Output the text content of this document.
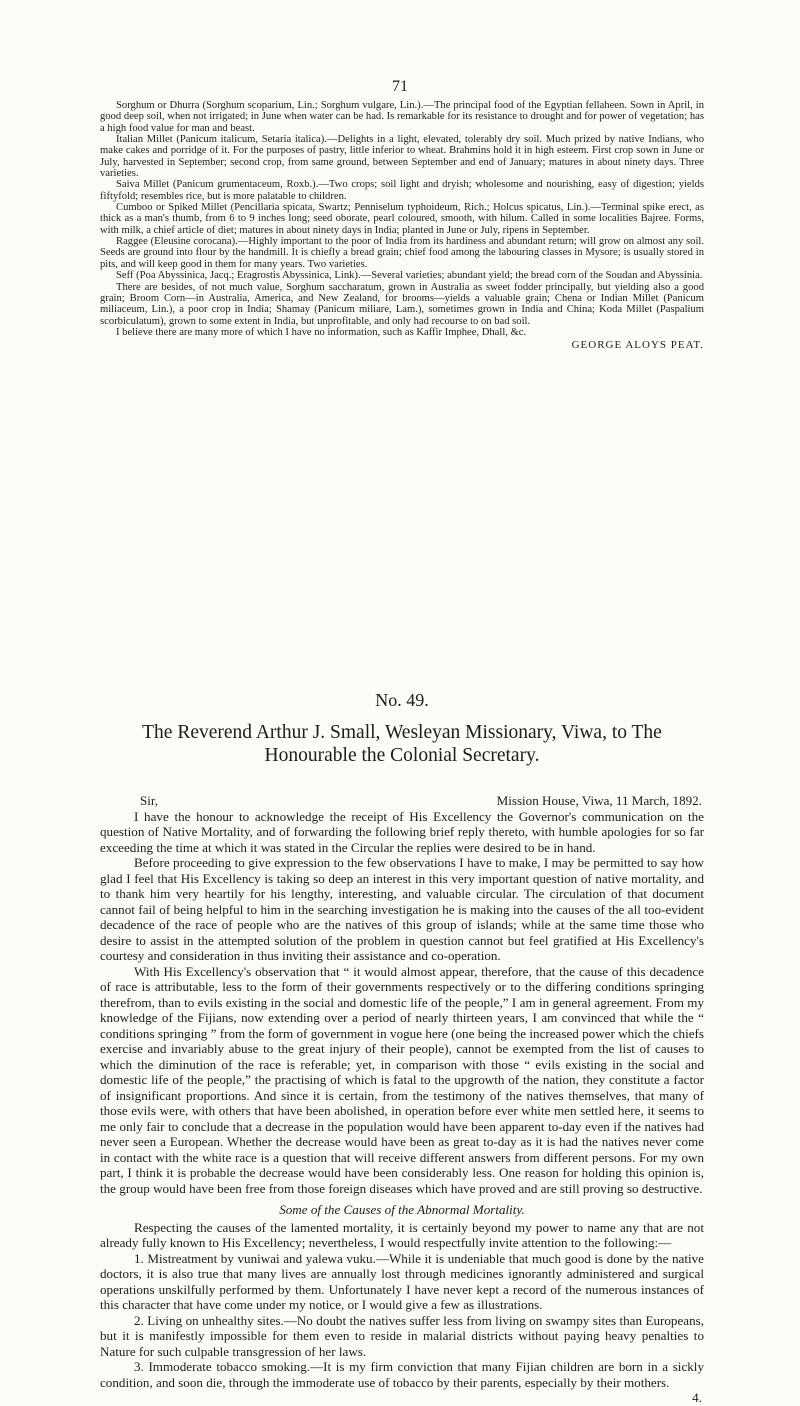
71

Sorghum or Dhurra (Sorghum scoparium, Lin.; Sorghum vulgare, Lin.).—The principal food of the Egyptian fellaheen. Sown in April, in good deep soil, when not irrigated; in June when water can be had. Is remarkable for its resistance to drought and for power of vegetation; has a high food value for man and beast.

Italian Millet (Panicum italicum, Setaria italica).—Delights in a light, elevated, tolerably dry soil. Much prized by native Indians, who make cakes and porridge of it. For the purposes of pastry, little inferior to wheat. Brahmins hold it in high esteem. First crop sown in June or July, harvested in September; second crop, from same ground, between September and end of January; matures in about ninety days. Three varieties.

Saiva Millet (Panicum grumentaceum, Roxb.).—Two crops; soil light and dryish; wholesome and nourishing, easy of digestion; yields fiftyfold; resembles rice, but is more palatable to children.

Cumboo or Spiked Millet (Pencillaria spicata, Swartz; Penniselum typhoideum, Rich.; Holcus spicatus, Lin.).—Terminal spike erect, as thick as a man's thumb, from 6 to 9 inches long; seed oborate, pearl coloured, smooth, with hilum. Called in some localities Bajree. Forms, with milk, a chief article of diet; matures in about ninety days in India; planted in June or July, ripens in September.

Raggee (Eleusine corocana).—Highly important to the poor of India from its hardiness and abundant return; will grow on almost any soil. Seeds are ground into flour by the handmill. It is chiefly a bread grain; chief food among the labouring classes in Mysore; is usually stored in pits, and will keep good in them for many years. Two varieties.

Seff (Poa Abyssinica, Jacq.; Eragrostis Abyssinica, Link).—Several varieties; abundant yield; the bread corn of the Soudan and Abyssinia.

There are besides, of not much value, Sorghum saccharatum, grown in Australia as sweet fodder principally, but yielding also a good grain; Broom Corn—in Australia, America, and New Zealand, for brooms—yields a valuable grain; Chena or Indian Millet (Panicum miliaceum, Lin.), a poor crop in India; Shamay (Panicum miliare, Lam.), sometimes grown in India and China; Koda Millet (Paspalium scorbiculatum), grown to some extent in India, but unprofitable, and only had recourse to on bad soil.

I believe there are many more of which I have no information, such as Kaffir Imphee, Dhall, &c.

GEORGE ALOYS PEAT.
No. 49.
The Reverend Arthur J. Small, Wesleyan Missionary, Viwa, to The Honourable the Colonial Secretary.
Sir,	Mission House, Viwa, 11 March, 1892.

I have the honour to acknowledge the receipt of His Excellency the Governor's communication on the question of Native Mortality, and of forwarding the following brief reply thereto, with humble apologies for so far exceeding the time at which it was stated in the Circular the replies were desired to be in hand.

Before proceeding to give expression to the few observations I have to make, I may be permitted to say how glad I feel that His Excellency is taking so deep an interest in this very important question of native mortality, and to thank him very heartily for his lengthy, interesting, and valuable circular. The circulation of that document cannot fail of being helpful to him in the searching investigation he is making into the causes of the all too-evident decadence of the race of people who are the natives of this group of islands; while at the same time those who desire to assist in the attempted solution of the problem in question cannot but feel gratified at His Excellency's courtesy and consideration in thus inviting their assistance and co-operation.

With His Excellency's observation that “ it would almost appear, therefore, that the cause of this decadence of race is attributable, less to the form of their governments respectively or to the differing conditions springing therefrom, than to evils existing in the social and domestic life of the people,” I am in general agreement. From my knowledge of the Fijians, now extending over a period of nearly thirteen years, I am convinced that while the “ conditions springing ” from the form of government in vogue here (one being the increased power which the chiefs exercise and invariably abuse to the great injury of their people), cannot be exempted from the list of causes to which the diminution of the race is referable; yet, in comparison with those “ evils existing in the social and domestic life of the people,” the practising of which is fatal to the upgrowth of the nation, they constitute a factor of insignificant proportions. And since it is certain, from the testimony of the natives themselves, that many of those evils were, with others that have been abolished, in operation before ever white men settled here, it seems to me only fair to conclude that a decrease in the population would have been apparent to-day even if the natives had never seen a European. Whether the decrease would have been as great to-day as it is had the natives never come in contact with the white race is a question that will receive different answers from different persons. For my own part, I think it is probable the decrease would have been considerably less. One reason for holding this opinion is, the group would have been free from those foreign diseases which have proved and are still proving so destructive.

Some of the Causes of the Abnormal Mortality.

Respecting the causes of the lamented mortality, it is certainly beyond my power to name any that are not already fully known to His Excellency; nevertheless, I would respectfully invite attention to the following:—

1. Mistreatment by vuniwai and yalewa vuku.—While it is undeniable that much good is done by the native doctors, it is also true that many lives are annually lost through medicines ignorantly administered and surgical operations unskilfully performed by them. Unfortunately I have never kept a record of the numerous instances of this character that have come under my notice, or I would give a few as illustrations.

2. Living on unhealthy sites.—No doubt the natives suffer less from living on swampy sites than Europeans, but it is manifestly impossible for them even to reside in malarial districts without paying heavy penalties to Nature for such culpable transgression of her laws.

3. Immoderate tobacco smoking.—It is my firm conviction that many Fijian children are born in a sickly condition, and soon die, through the immoderate use of tobacco by their parents, especially by their mothers.

4.
